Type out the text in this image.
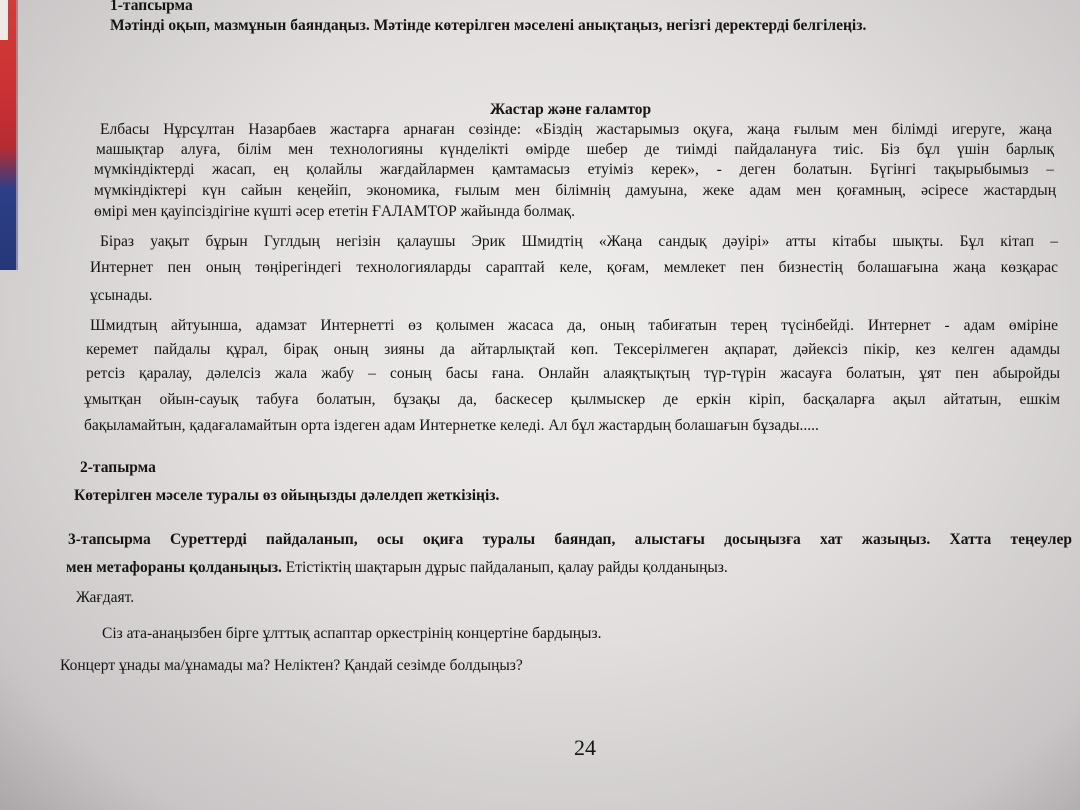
1-тапсырма
Мәтінді оқып, мазмұнын баяндаңыз. Мәтінде көтерілген мәселені анықтаңыз, негізгі деректерді белгілеңіз.
Жастар және ғаламтор
Елбасы Нұрсұлтан Назарбаев жастарға арнаған сөзінде: «Біздің жастарымыз оқуға, жаңа ғылым мен білімді игеруге, жаңа
машықтар алуға, білім мен технологияны күнделікті өмірде шебер де тиімді пайдалануға тиіс. Біз бұл үшін барлық
мүмкіндіктерді жасап, ең қолайлы жағдайлармен қамтамасыз етуіміз керек», - деген болатын. Бүгінгі тақырыбымыз –
мүмкіндіктері күн сайын кеңейіп, экономика, ғылым мен білімнің дамуына, жеке адам мен қоғамның, әсіресе жастардың
өмірі мен қауіпсіздігіне күшті әсер ететін ҒАЛАМТОР жайында болмақ.
Біраз уақыт бұрын Гуглдың негізін қалаушы Эрик Шмидтің «Жаңа сандық дәуірі» атты кітабы шықты. Бұл кітап –
Интернет пен оның төңірегіндегі технологияларды сараптай келе, қоғам, мемлекет пен бизнестің болашағына жаңа көзқарас
ұсынады.
Шмидтың айтуынша, адамзат Интернетті өз қолымен жасаса да, оның табиғатын терең түсінбейді. Интернет - адам өміріне
керемет пайдалы құрал, бірақ оның зияны да айтарлықтай көп. Тексерілмеген ақпарат, дәйексіз пікір, кез келген адамды
ретсіз қаралау, дәлелсіз жала жабу – соның басы ғана. Онлайн алаяқтықтың түр-түрін жасауға болатын, ұят пен абыройды
ұмытқан ойын-сауық табуға болатын, бұзақы да, баскесер қылмыскер де еркін кіріп, басқаларға ақыл айтатын, ешкім
бақыламайтын, қадағаламайтын орта іздеген адам Интернетке келеді. Ал бұл жастардың болашағын бұзады.....
2-тапырма
Көтерілген мәселе туралы өз ойыңызды дәлелдеп жеткізіңіз.
3-тапсырма Суреттерді пайдаланып, осы оқиға туралы баяндап, алыстағы досыңызға хат жазыңыз. Хатта теңеулер
мен метафораны қолданыңыз. Етістіктің шақтарын дұрыс пайдаланып, қалау райды қолданыңыз.
Жағдаят.
Сіз ата-анаңызбен бірге ұлттық аспаптар оркестрінің концертіне бардыңыз.
Концерт ұнады ма/ұнамады ма? Неліктен? Қандай сезімде болдыңыз?
24
